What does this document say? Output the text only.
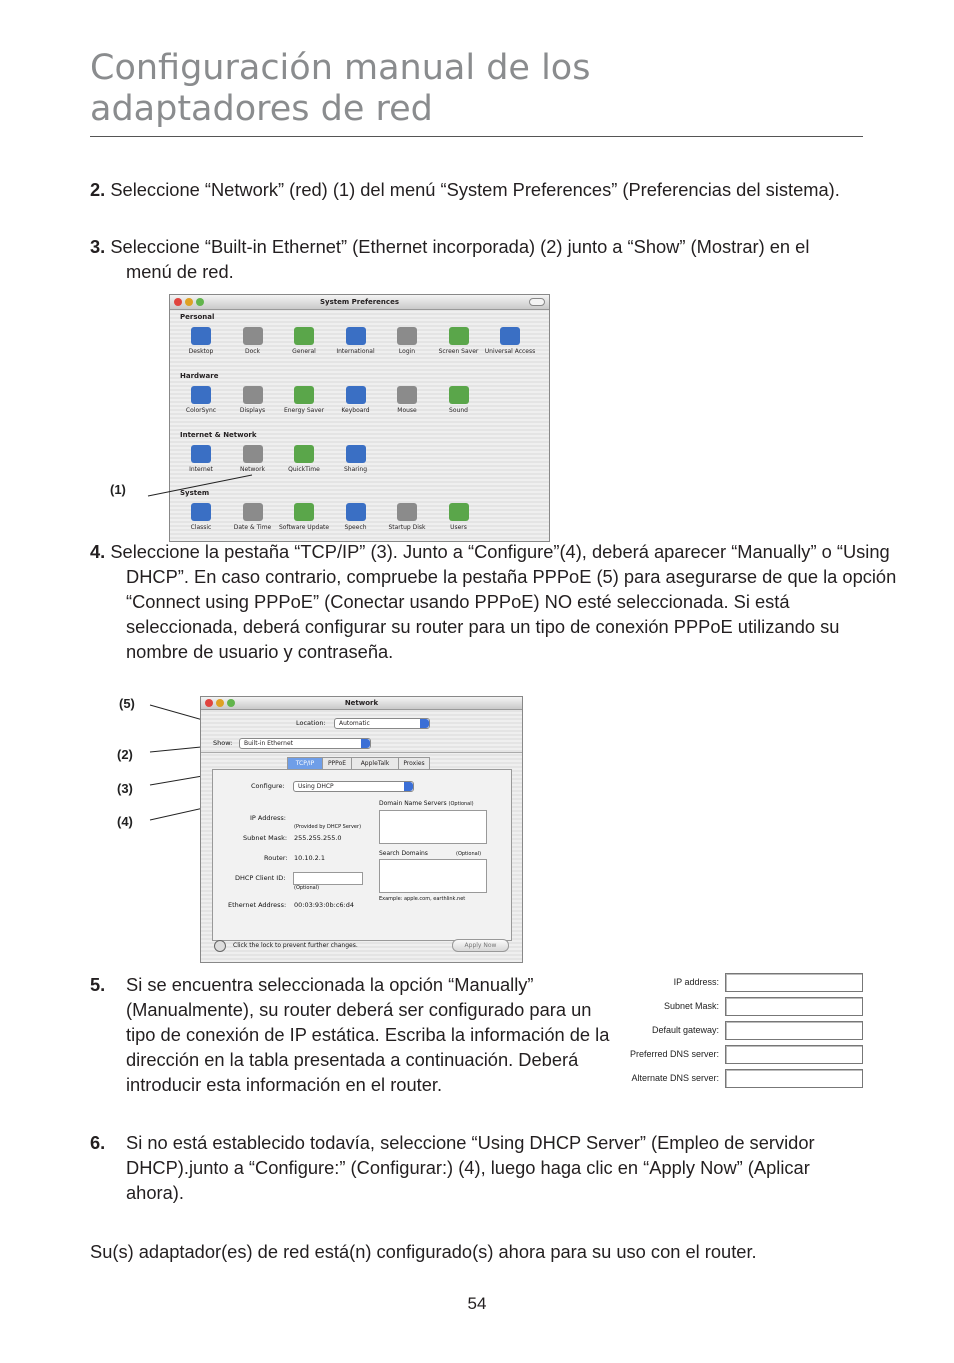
Configuración manual de los
adaptadores de red
2. Seleccione “Network” (red) (1) del menú “System Preferences” (Preferencias del sistema).
3. Seleccione “Built-in Ethernet” (Ethernet incorporada) (2) junto a “Show” (Mostrar) en el menú de red.
System Preferences
Personal
Desktop	Dock	General	International	Login	Screen Saver	Universal Access
Hardware
ColorSync	Displays	Energy Saver	Keyboard	Mouse	Sound
Internet & Network
Internet	Network	QuickTime	Sharing
System
Classic	Date & Time	Software Update	Speech	Startup Disk	Users
(1)
4. Seleccione la pestaña “TCP/IP” (3). Junto a “Configure”(4), deberá aparecer “Manually” o “Using DHCP”. En caso contrario, compruebe la pestaña PPPoE (5) para asegurarse de que la opción “Connect using PPPoE” (Conectar usando PPPoE) NO esté seleccionada. Si está seleccionada, deberá configurar su router para un tipo de conexión PPPoE utilizando su nombre de usuario y contraseña.
(5)
(2)
(3)
(4)
Network
Location:	Automatic
Show:	Built-in Ethernet
Configure:	Using DHCP
Domain Name Servers (Optional)
IP Address:
(Provided by DHCP Server)
Subnet Mask: 255.255.255.0
Router: 10.10.2.1
Search Domains	(Optional)
DHCP Client ID:
(Optional)
Example: apple.com, earthlink.net
Ethernet Address: 00:03:93:0b:c6:d4
TCP/IP	PPPoE	AppleTalk	Proxies
Click the lock to prevent further changes.	Apply Now
5. Si se encuentra seleccionada la opción “Manually” (Manualmente), su router deberá ser configurado para un tipo de conexión de IP estática. Escriba la información de la dirección en la tabla presentada a continuación. Deberá introducir esta información en el router.
IP address:
Subnet Mask:
Default gateway:
Preferred DNS server:
Alternate DNS server:
6. Si no está establecido todavía, seleccione “Using DHCP Server” (Empleo de servidor DHCP).junto a “Configure:” (Configurar:) (4), luego haga clic en “Apply Now” (Aplicar ahora).
Su(s) adaptador(es) de red está(n) configurado(s) ahora para su uso con el router.
54
